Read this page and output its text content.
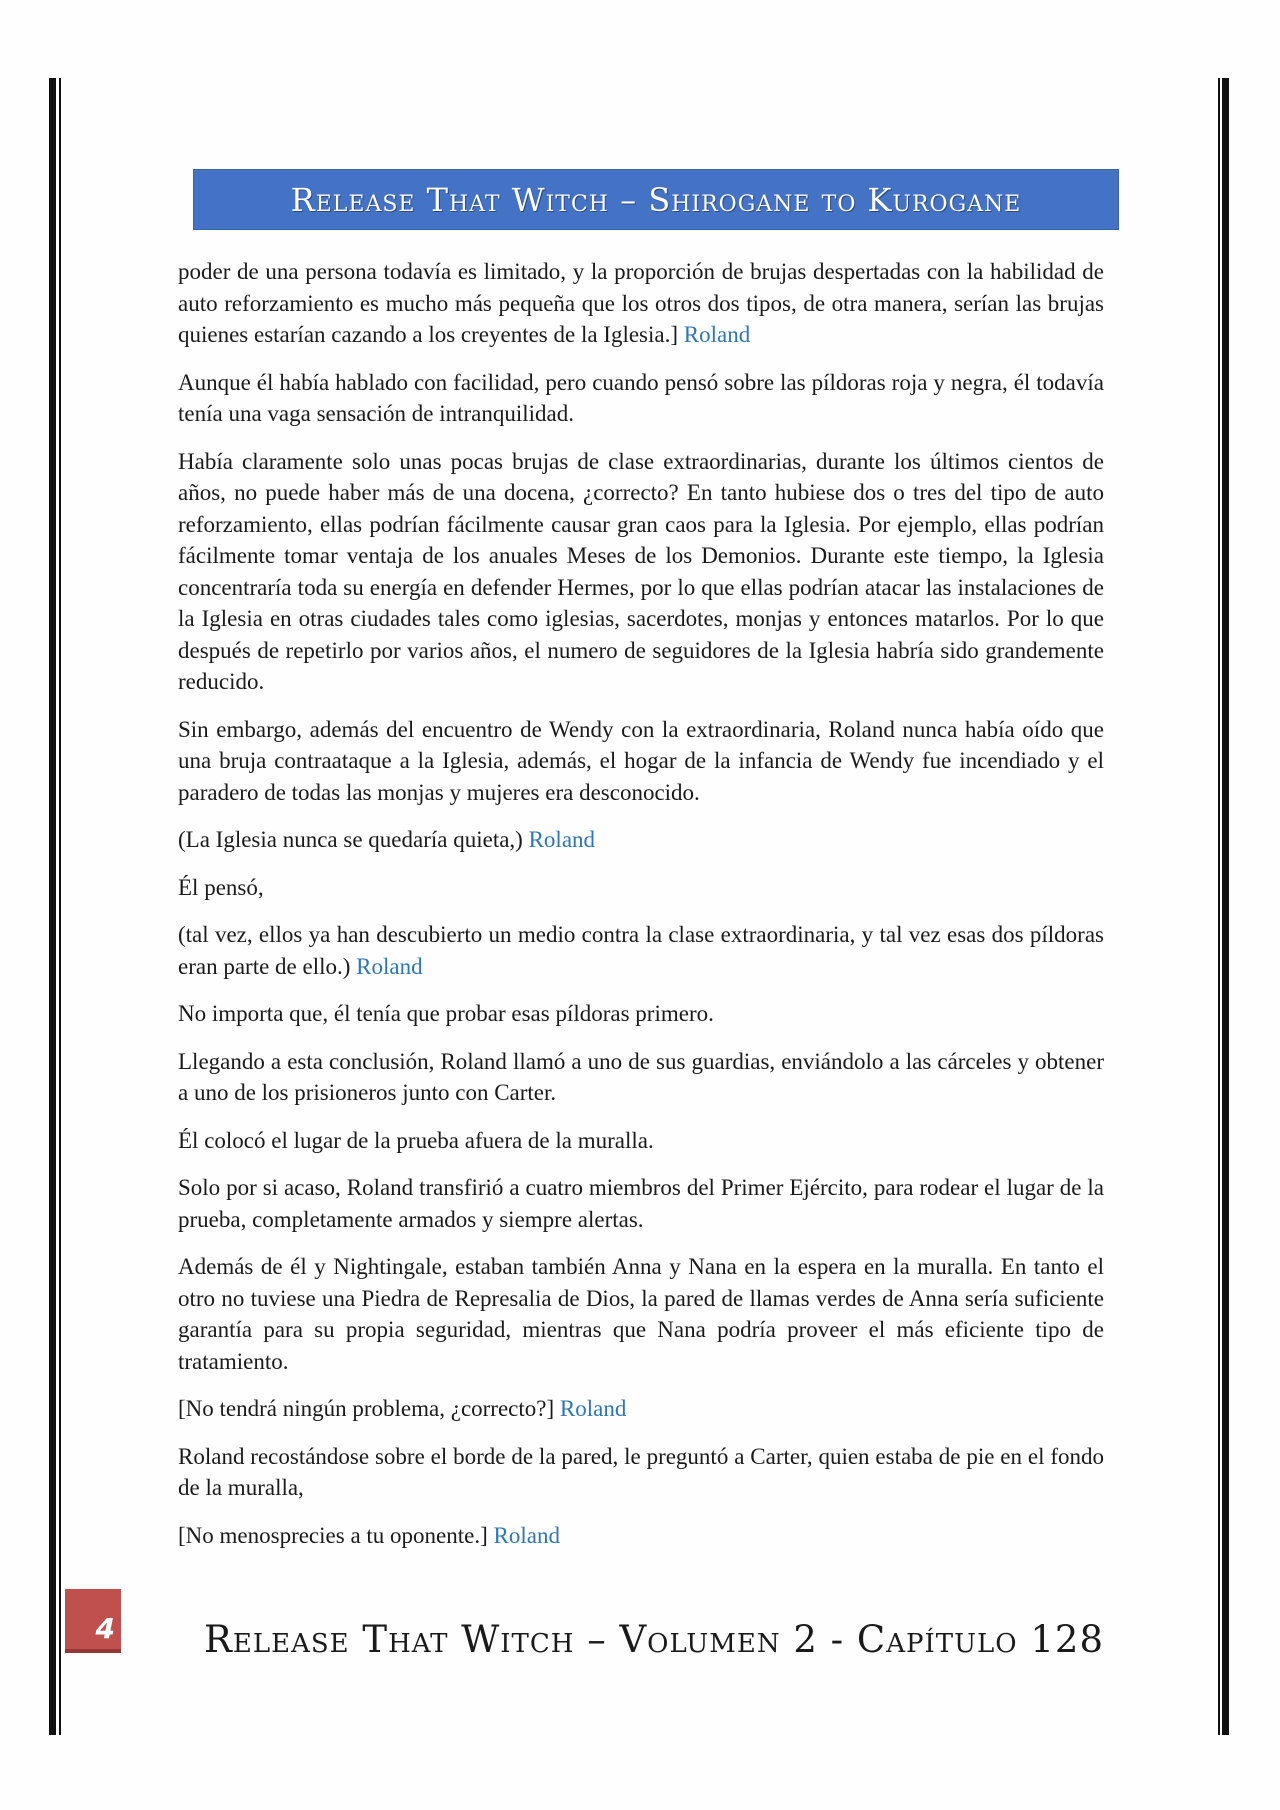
Release That Witch – Shirogane to Kurogane

poder de una persona todavía es limitado, y la proporción de brujas despertadas con la habilidad de auto reforzamiento es mucho más pequeña que los otros dos tipos, de otra manera, serían las brujas quienes estarían cazando a los creyentes de la Iglesia.] Roland

Aunque él había hablado con facilidad, pero cuando pensó sobre las píldoras roja y negra, él todavía tenía una vaga sensación de intranquilidad.

Había claramente solo unas pocas brujas de clase extraordinarias, durante los últimos cientos de años, no puede haber más de una docena, ¿correcto? En tanto hubiese dos o tres del tipo de auto reforzamiento, ellas podrían fácilmente causar gran caos para la Iglesia. Por ejemplo, ellas podrían fácilmente tomar ventaja de los anuales Meses de los Demonios. Durante este tiempo, la Iglesia concentraría toda su energía en defender Hermes, por lo que ellas podrían atacar las instalaciones de la Iglesia en otras ciudades tales como iglesias, sacerdotes, monjas y entonces matarlos. Por lo que después de repetirlo por varios años, el numero de seguidores de la Iglesia habría sido grandemente reducido.

Sin embargo, además del encuentro de Wendy con la extraordinaria, Roland nunca había oído que una bruja contraataque a la Iglesia, además, el hogar de la infancia de Wendy fue incendiado y el paradero de todas las monjas y mujeres era desconocido.

(La Iglesia nunca se quedaría quieta,) Roland

Él pensó,

(tal vez, ellos ya han descubierto un medio contra la clase extraordinaria, y tal vez esas dos píldoras eran parte de ello.) Roland

No importa que, él tenía que probar esas píldoras primero.

Llegando a esta conclusión, Roland llamó a uno de sus guardias, enviándolo a las cárceles y obtener a uno de los prisioneros junto con Carter.

Él colocó el lugar de la prueba afuera de la muralla.

Solo por si acaso, Roland transfirió a cuatro miembros del Primer Ejército, para rodear el lugar de la prueba, completamente armados y siempre alertas.

Además de él y Nightingale, estaban también Anna y Nana en la espera en la muralla. En tanto el otro no tuviese una Piedra de Represalia de Dios, la pared de llamas verdes de Anna sería suficiente garantía para su propia seguridad, mientras que Nana podría proveer el más eficiente tipo de tratamiento.

[No tendrá ningún problema, ¿correcto?] Roland

Roland recostándose sobre el borde de la pared, le preguntó a Carter, quien estaba de pie en el fondo de la muralla,

[No menosprecies a tu oponente.] Roland

4 Release That Witch – Volumen 2 - Capítulo 128
